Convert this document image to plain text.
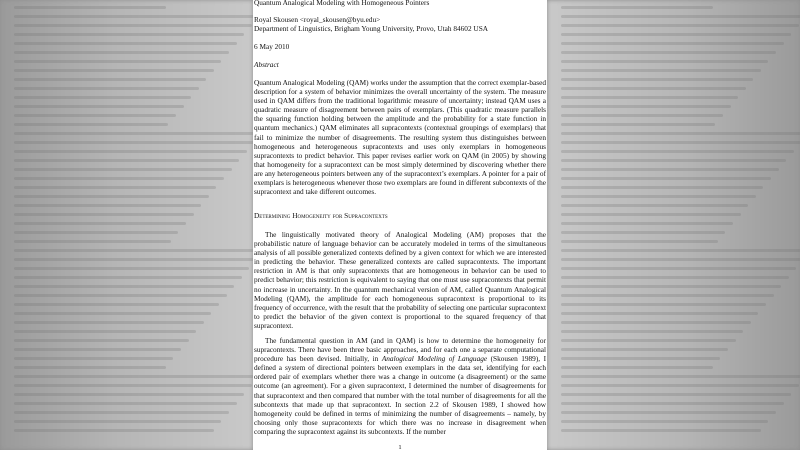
Quantum Analogical Modeling with Homogeneous Pointers
Royal Skousen <royal_skousen@byu.edu>
Department of Linguistics, Brigham Young University, Provo, Utah 84602 USA
6 May 2010
Abstract

Quantum Analogical Modeling (QAM) works under the assumption that the correct exemplar-based description for a system of behavior minimizes the overall uncertainty of the system. The measure used in QAM differs from the traditional logarithmic measure of uncertainty; instead QAM uses a quadratic measure of disagreement between pairs of exemplars. (This quadratic measure parallels the squaring function holding between the amplitude and the probability for a state function in quantum mechanics.) QAM eliminates all supracontexts (contextual groupings of exemplars) that fail to minimize the number of disagreements. The resulting system thus distinguishes between homogeneous and heterogeneous supracontexts and uses only exemplars in homogeneous supracontexts to predict behavior. This paper revises earlier work on QAM (in 2005) by showing that homogeneity for a supracontext can be most simply determined by discovering whether there are any heterogeneous pointers between any of the supracontext’s exemplars. A pointer for a pair of exemplars is heterogeneous whenever those two exemplars are found in different subcontexts of the supracontext and take different outcomes.

Determining Homogeneity for Supracontexts

The linguistically motivated theory of Analogical Modeling (AM) proposes that the probabilistic nature of language behavior can be accurately modeled in terms of the simultaneous analysis of all possible generalized contexts defined by a given context for which we are interested in predicting the behavior. These generalized contexts are called supracontexts. The important restriction in AM is that only supracontexts that are homogeneous in behavior can be used to predict behavior; this restriction is equivalent to saying that one must use supracontexts that permit no increase in uncertainty. In the quantum mechanical version of AM, called Quantum Analogical Modeling (QAM), the amplitude for each homogeneous supracontext is proportional to its frequency of occurrence, with the result that the probability of selecting one particular supracontext to predict the behavior of the given context is proportional to the squared frequency of that supracontext.

The fundamental question in AM (and in QAM) is how to determine the homogeneity for supracontexts. There have been three basic approaches, and for each one a separate computational procedure has been devised. Initially, in Analogical Modeling of Language (Skousen 1989), I defined a system of directional pointers between exemplars in the data set, identifying for each ordered pair of exemplars whether there was a change in outcome (a disagreement) or the same outcome (an agreement). For a given supracontext, I determined the number of disagreements for that supracontext and then compared that number with the total number of disagreements for all the subcontexts that made up that supracontext. In section 2.2 of Skousen 1989, I showed how homogeneity could be defined in terms of minimizing the number of disagreements – namely, by choosing only those supracontexts for which there was no increase in disagreement when comparing the supracontext against its subcontexts. If the number

1
